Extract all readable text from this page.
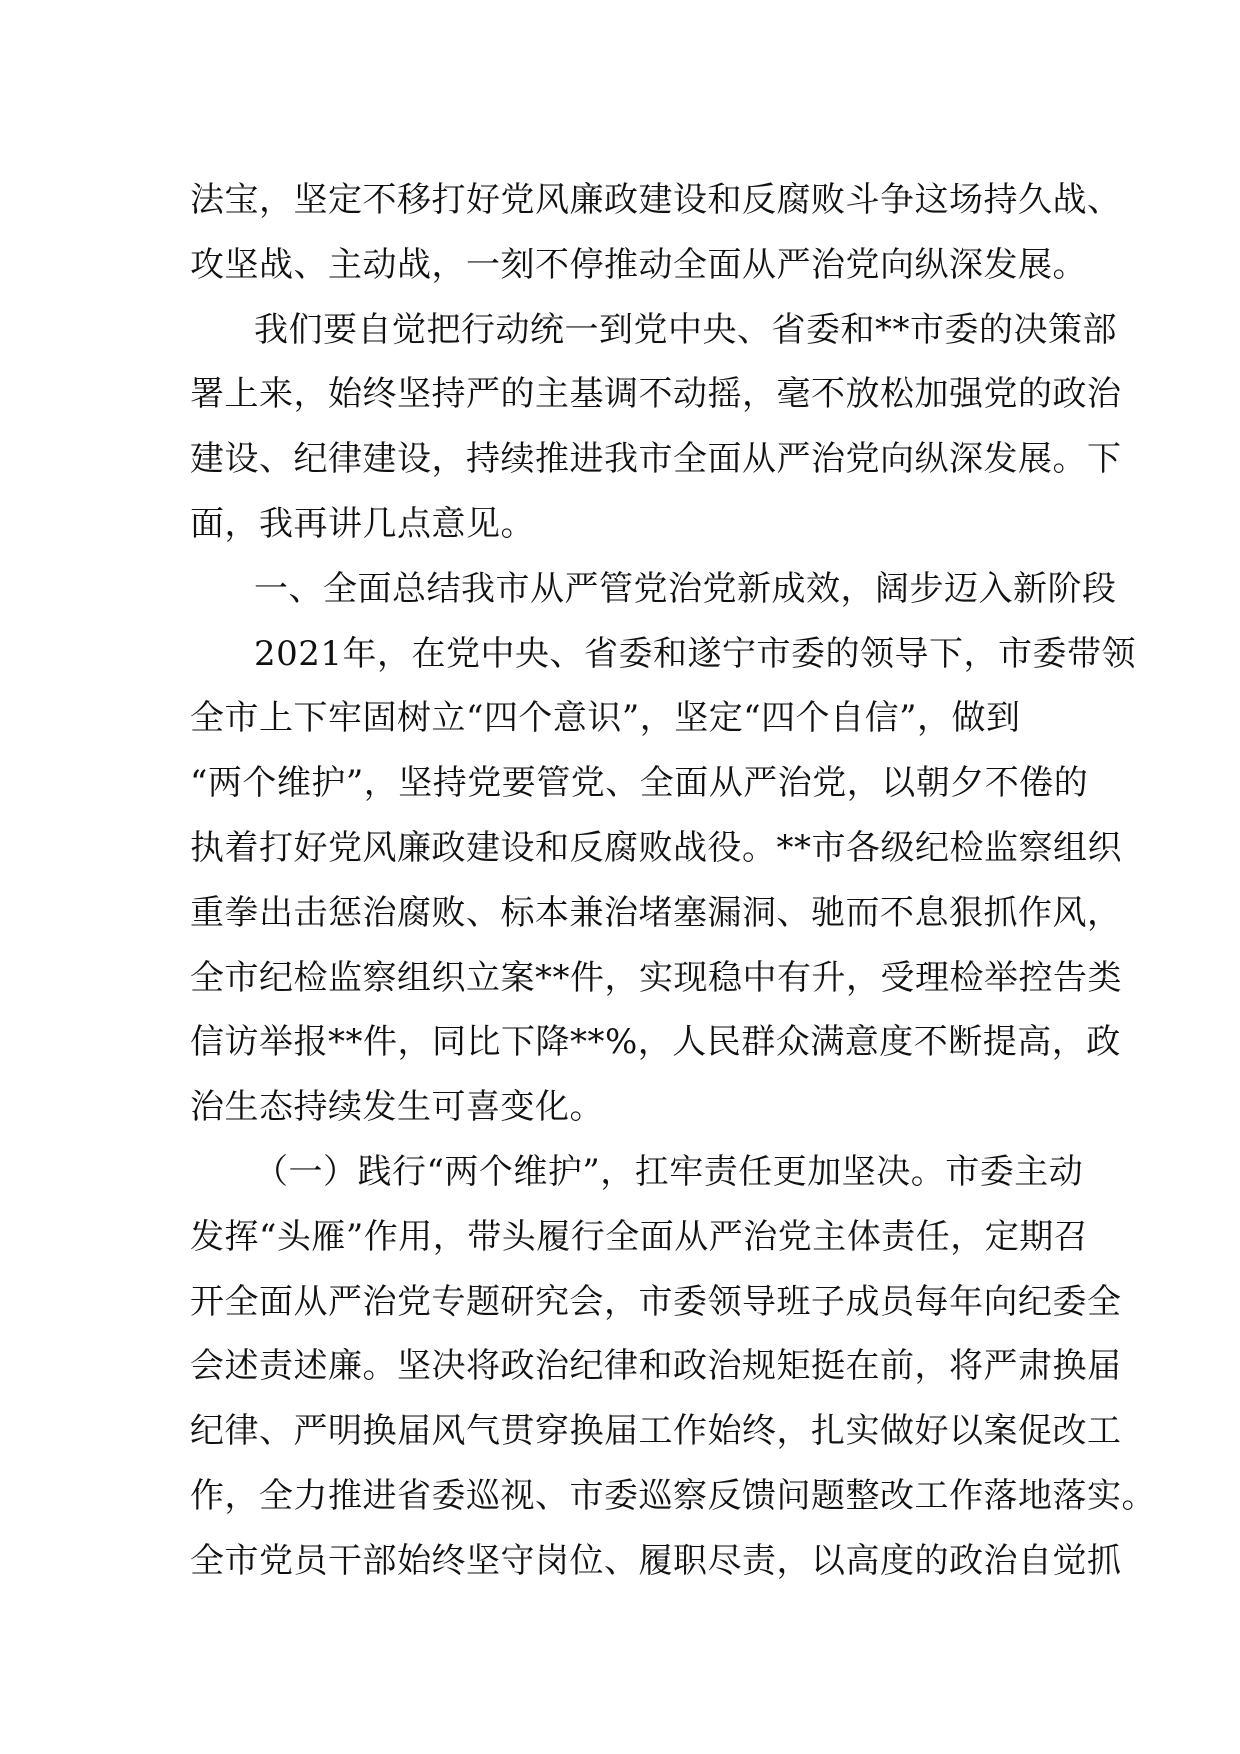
法宝，坚定不移打好党风廉政建设和反腐败斗争这场持久战、
攻坚战、主动战，一刻不停推动全面从严治党向纵深发展。
我们要自觉把行动统一到党中央、省委和**市委的决策部
署上来，始终坚持严的主基调不动摇，毫不放松加强党的政治
建设、纪律建设，持续推进我市全面从严治党向纵深发展。下
面，我再讲几点意见。
一、全面总结我市从严管党治党新成效，阔步迈入新阶段
2021年，在党中央、省委和遂宁市委的领导下，市委带领
全市上下牢固树立“四个意识”，坚定“四个自信”，做到
“两个维护”，坚持党要管党、全面从严治党，以朝夕不倦的
执着打好党风廉政建设和反腐败战役。**市各级纪检监察组织
重拳出击惩治腐败、标本兼治堵塞漏洞、驰而不息狠抓作风，
全市纪检监察组织立案**件，实现稳中有升，受理检举控告类
信访举报**件，同比下降**%，人民群众满意度不断提高，政
治生态持续发生可喜变化。
（一）践行“两个维护”，扛牢责任更加坚决。市委主动
发挥“头雁”作用，带头履行全面从严治党主体责任，定期召
开全面从严治党专题研究会，市委领导班子成员每年向纪委全
会述责述廉。坚决将政治纪律和政治规矩挺在前，将严肃换届
纪律、严明换届风气贯穿换届工作始终，扎实做好以案促改工
作，全力推进省委巡视、市委巡察反馈问题整改工作落地落实。
全市党员干部始终坚守岗位、履职尽责，以高度的政治自觉抓
